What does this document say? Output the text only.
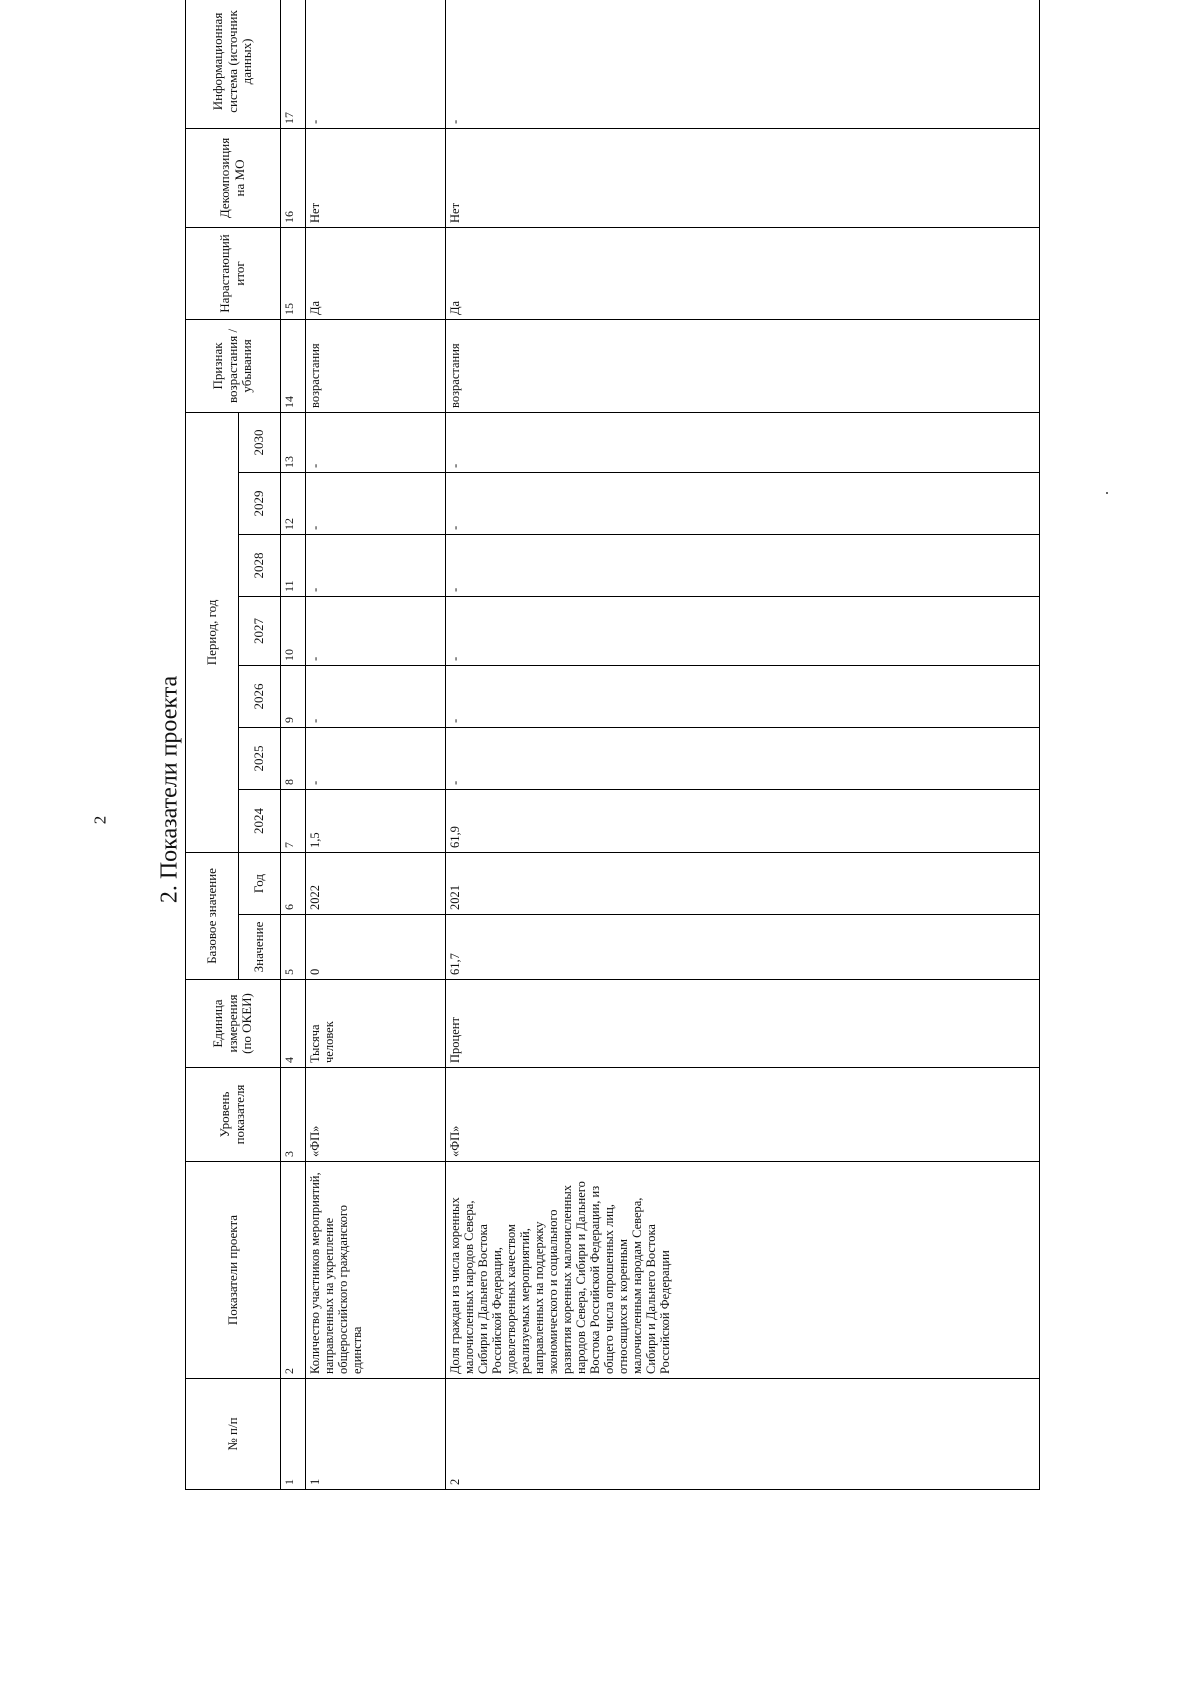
2 2. Показатели проекта
№ п/п	Показатели проекта	Уровень показателя	Единица измерения (по ОКЕИ)	Базовое значение		Период, год							Признак возрастания /убывания	Нарастающий итог	Декомпозиция на МО	Информационная система (источник данных)
				Значение	Год	2024	2025	2026	2027	2028	2029	2030				
1	2	3	4	5	6	7	8	9	10	11	12	13	14	15	16	17
1	Количество участников мероприятий, направленных на укрепление общероссийского гражданского единства	«ФП»	Тысяча человек	0	2022	1,5	-	-	-	-	-	-	возрастания	Да	Нет	-
2	Доля граждан из числа коренных малочисленных народов Севера, Сибири и Дальнего Востока Российской Федерации, удовлетворенных качеством реализуемых мероприятий, направленных на поддержку экономического и социального развития коренных малочисленных народов Севера, Сибири и Дальнего Востока Российской Федерации, из общего числа опрошенных лиц, относящихся к коренным малочисленным народам Севера, Сибири и Дальнего Востока Российской Федерации	«ФП»	Процент	61,7	2021	61,9	-	-	-	-	-	-	возрастания	Да	Нет	-
